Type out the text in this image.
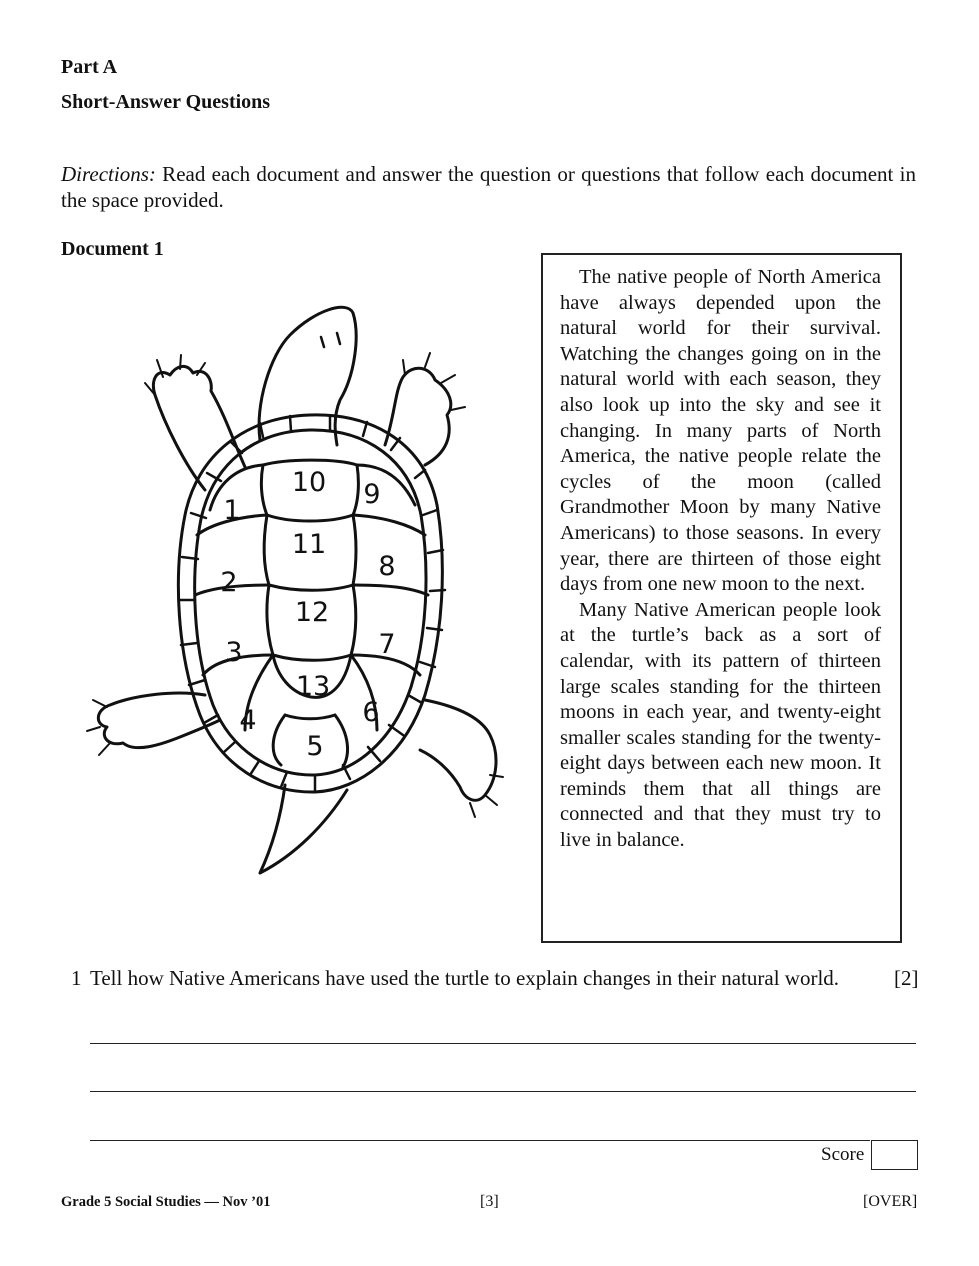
Part A
Short-Answer Questions
Directions: Read each document and answer the question or questions that follow each document in the space provided.
Document 1
1
2
3
4
5
6
7
8
9
10
11
12
13

The native people of North America have always depended upon the natural world for their survival. Watching the changes going on in the natural world with each season, they also look up into the sky and see it changing. In many parts of North America, the native people relate the cycles of the moon (called Grandmother Moon by many Native Americans) to those seasons. In every year, there are thirteen of those eight days from one new moon to the next.

Many Native American people look at the turtle’s back as a sort of calendar, with its pattern of thirteen large scales standing for the thirteen moons in each year, and twenty-eight smaller scales standing for the twenty-eight days between each new moon. It reminds them that all things are connected and that they must try to live in balance.

1 Tell how Native Americans have used the turtle to explain changes in their natural world.	[2]
Score
Grade 5 Social Studies — Nov ’01	[3]	[OVER]
